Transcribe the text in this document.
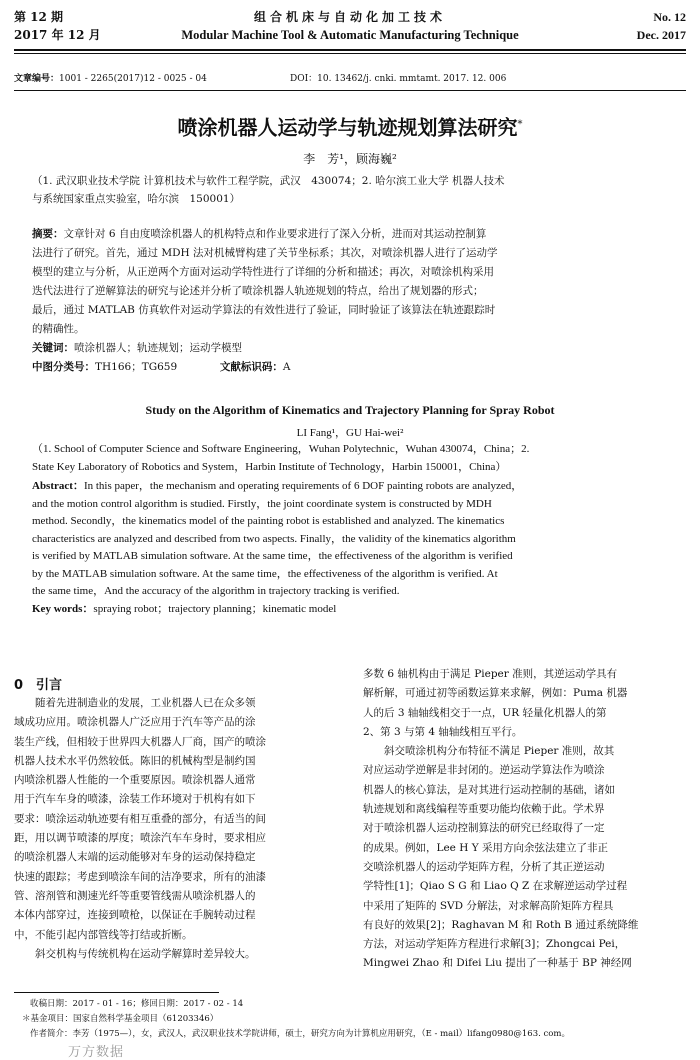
第 12 期
2017 年 12 月
组合机床与自动化加工技术
Modular Machine Tool & Automatic Manufacturing Technique
No. 12
Dec. 2017
文章编号：1001 - 2265(2017)12 - 0025 - 04	DOI：10. 13462/j. cnki. mmtamt. 2017. 12. 006
喷涂机器人运动学与轨迹规划算法研究*
李　芳¹，顾海巍²
（1. 武汉职业技术学院 计算机技术与软件工程学院，武汉　430074；2. 哈尔滨工业大学 机器人技术
与系统国家重点实验室，哈尔滨　150001）
摘要：文章针对 6 自由度喷涂机器人的机构特点和作业要求进行了深入分析，进而对其运动控制算
法进行了研究。首先，通过 MDH 法对机械臂构建了关节坐标系；其次，对喷涂机器人进行了运动学
模型的建立与分析，从正逆两个方面对运动学特性进行了详细的分析和描述；再次，对喷涂机构采用
迭代法进行了逆解算法的研究与论述并分析了喷涂机器人轨迹规划的特点，给出了规划器的形式；
最后，通过 MATLAB 仿真软件对运动学算法的有效性进行了验证，同时验证了该算法在轨迹跟踪时
的精确性。
关键词：喷涂机器人；轨迹规划；运动学模型
中图分类号：TH166；TG659	文献标识码：A
Study on the Algorithm of Kinematics and Trajectory Planning for Spray Robot
LI Fang¹，GU Hai-wei²
（1. School of Computer Science and Software Engineering，Wuhan Polytechnic，Wuhan 430074，China；2.
State Key Laboratory of Robotics and System，Harbin Institute of Technology，Harbin 150001，China）
Abstract：In this paper，the mechanism and operating requirements of 6 DOF painting robots are analyzed，
and the motion control algorithm is studied. Firstly，the joint coordinate system is constructed by MDH
method. Secondly，the kinematics model of the painting robot is established and analyzed. The kinematics
characteristics are analyzed and described from two aspects. Finally，the validity of the kinematics algorithm
is verified by MATLAB simulation software. At the same time，the effectiveness of the algorithm is verified
by the MATLAB simulation software. At the same time，the effectiveness of the algorithm is verified. At
the same time，And the accuracy of the algorithm in trajectory tracking is verified.
Key words：spraying robot；trajectory planning；kinematic model
0　引言
随着先进制造业的发展，工业机器人已在众多领
域成功应用。喷涂机器人广泛应用于汽车等产品的涂
装生产线，但相较于世界四大机器人厂商，国产的喷涂
机器人技术水平仍然较低。陈旧的机械构型是制约国
内喷涂机器人性能的一个重要原因。喷涂机器人通常
用于汽车车身的喷漆，涂装工作环境对于机构有如下
要求：喷涂运动轨迹要有相互重叠的部分，有适当的间
距，用以调节喷漆的厚度；喷涂汽车车身时，要求相应
的喷涂机器人末端的运动能够对车身的运动保持稳定
快速的跟踪；考虑到喷涂车间的洁净要求，所有的油漆
管、溶剂管和测速光纤等重要管线需从喷涂机器人的
本体内部穿过，连接到喷枪，以保证在手腕转动过程
中，不能引起内部管线等打结或折断。
斜交机构与传统机构在运动学解算时差异较大。
多数 6 轴机构由于满足 Pieper 准则，其逆运动学具有
解析解，可通过初等函数运算来求解，例如：Puma 机器
人的后 3 轴轴线相交于一点，UR 轻量化机器人的第
2、第 3 与第 4 轴轴线相互平行。
斜交喷涂机构分布特征不满足 Pieper 准则，故其
对应运动学逆解是非封闭的。逆运动学算法作为喷涂
机器人的核心算法，是对其进行运动控制的基础，诸如
轨迹规划和离线编程等重要功能均依赖于此。学术界
对于喷涂机器人运动控制算法的研究已经取得了一定
的成果。例如，Lee H Y 采用方向余弦法建立了非正
交喷涂机器人的运动学矩阵方程，分析了其正逆运动
学特性[1]；Qiao S G 和 Liao Q Z 在求解逆运动学过程
中采用了矩阵的 SVD 分解法，对求解高阶矩阵方程具
有良好的效果[2]；Raghavan M 和 Roth B 通过系统降维
方法，对运动学矩阵方程进行求解[3]；Zhongcai Pei，
Mingwei Zhao 和 Difei Liu 提出了一种基于 BP 神经网
收稿日期：2017 - 01 - 16；修回日期：2017 - 02 - 14
＊基金项目：国家自然科学基金项目（61203346）
作者简介：李芳（1975—），女，武汉人，武汉职业技术学院讲师，硕士，研究方向为计算机应用研究，（E - mail）lifang0980@163. com。
万方数据
